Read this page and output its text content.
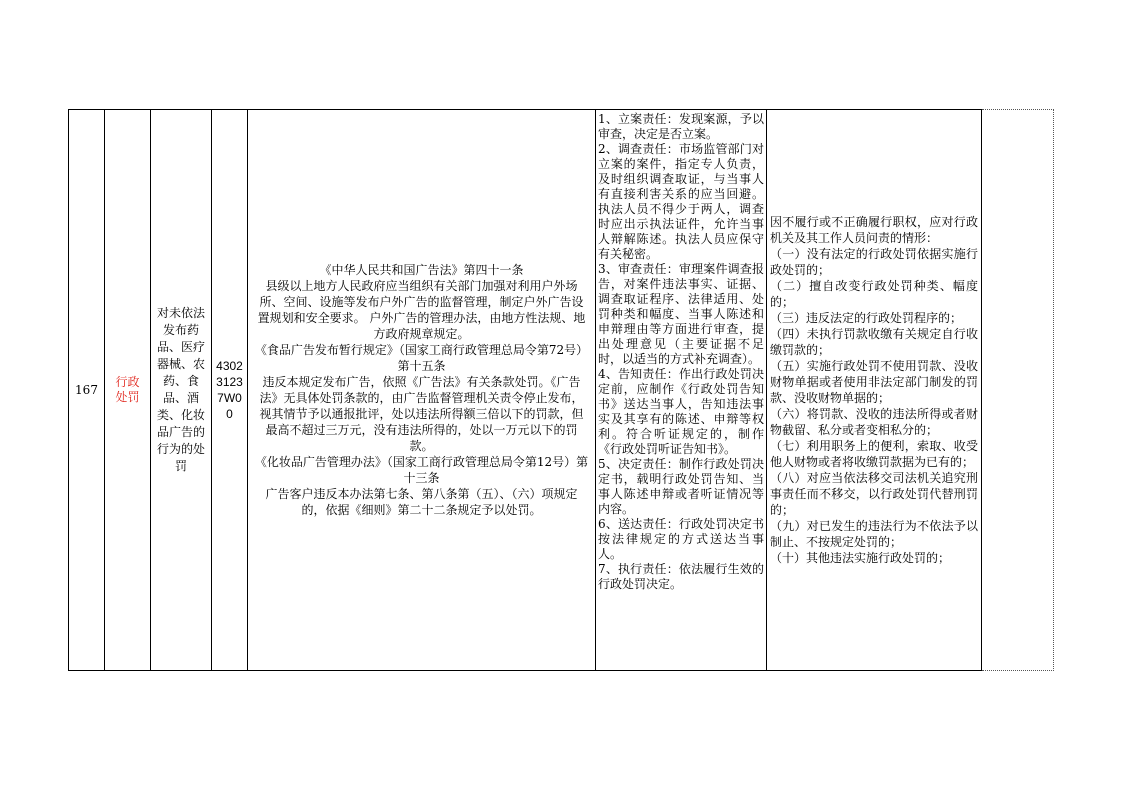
167
行政处罚
对未依法发布药品、医疗器械、农药、食品、酒类、化妆品广告的行为的处罚
43023123 7W00

《中华人民共和国广告法》第四十一条

县级以上地方人民政府应当组织有关部门加强对利用户外场所、空间、设施等发布户外广告的监督管理，制定户外广告设置规划和安全要求。 户外广告的管理办法，由地方性法规、地方政府规章规定。

《食品广告发布暂行规定》（国家工商行政管理总局令第72号）第十五条

违反本规定发布广告，依照《广告法》有关条款处罚。《广告法》无具体处罚条款的，由广告监督管理机关责令停止发布，视其情节予以通报批评，处以违法所得额三倍以下的罚款，但最高不超过三万元，没有违法所得的，处以一万元以下的罚款。

《化妆品广告管理办法》（国家工商行政管理总局令第12号）第十三条

广告客户违反本办法第七条、第八条第（五）、（六）项规定的，依据《细则》第二十二条规定予以处罚。

1、立案责任：发现案源，予以审查，决定是否立案。

2、调查责任：市场监管部门对立案的案件，指定专人负责，及时组织调查取证，与当事人有直接利害关系的应当回避。执法人员不得少于两人，调查时应出示执法证件，允许当事人辩解陈述。执法人员应保守有关秘密。

3、审查责任：审理案件调查报告，对案件违法事实、证据、调查取证程序、法律适用、处罚种类和幅度、当事人陈述和申辩理由等方面进行审查，提出处理意见（主要证据不足时，以适当的方式补充调查）。

4、告知责任：作出行政处罚决定前，应制作《行政处罚告知书》送达当事人，告知违法事实及其享有的陈述、申辩等权利。符合听证规定的，制作《行政处罚听证告知书》。

5、决定责任：制作行政处罚决定书，载明行政处罚告知、当事人陈述申辩或者听证情况等内容。

6、送达责任：行政处罚决定书按法律规定的方式送达当事人。

7、执行责任：依法履行生效的行政处罚决定。

因不履行或不正确履行职权，应对行政机关及其工作人员问责的情形：

（一）没有法定的行政处罚依据实施行政处罚的；

（二）擅自改变行政处罚种类、幅度的；

（三）违反法定的行政处罚程序的；

（四）未执行罚款收缴有关规定自行收缴罚款的；

（五）实施行政处罚不使用罚款、没收财物单据或者使用非法定部门制发的罚款、没收财物单据的；

（六）将罚款、没收的违法所得或者财物截留、私分或者变相私分的；

（七）利用职务上的便利，索取、收受他人财物或者将收缴罚款据为已有的；

（八）对应当依法移交司法机关追究刑事责任而不移交，以行政处罚代替刑罚的；

（九）对已发生的违法行为不依法予以制止、不按规定处罚的；

（十）其他违法实施行政处罚的；
